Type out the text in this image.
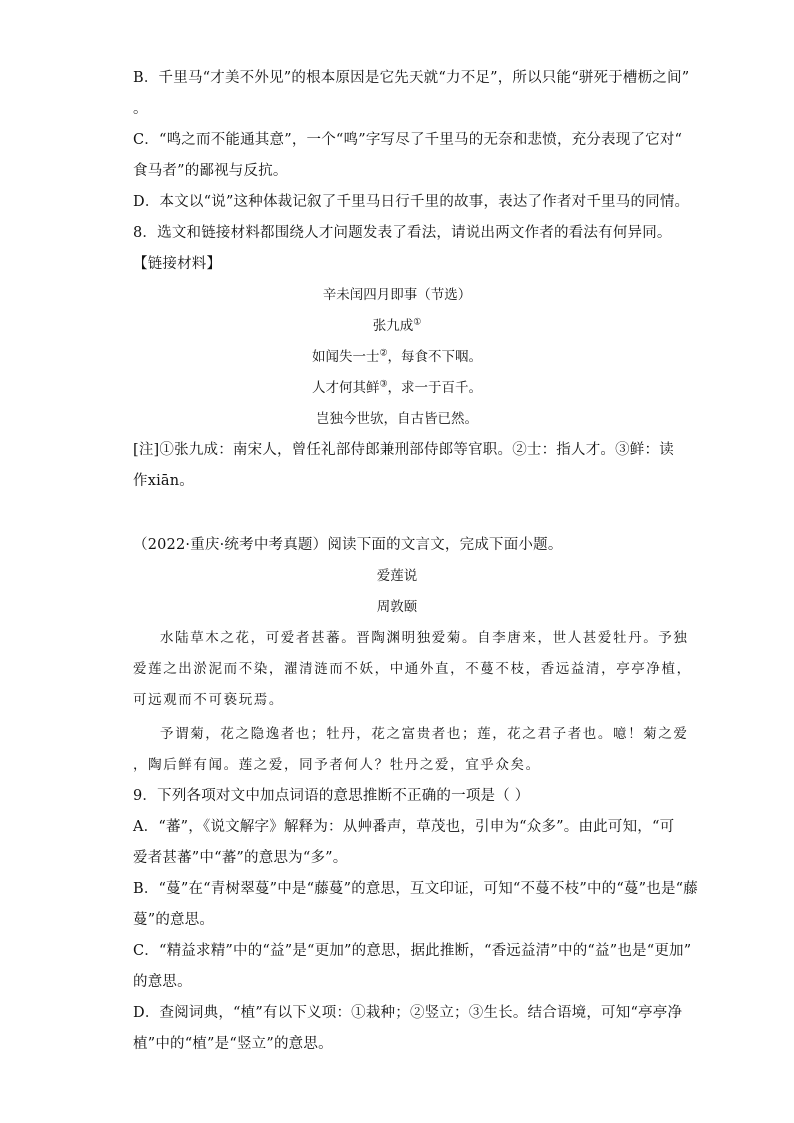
B．千里马“才美不外见”的根本原因是它先天就“力不足”，所以只能“骈死于槽枥之间”
。
C．“鸣之而不能通其意”，一个“鸣”字写尽了千里马的无奈和悲愤，充分表现了它对“
食马者”的鄙视与反抗。
D．本文以“说”这种体裁记叙了千里马日行千里的故事，表达了作者对千里马的同情。
8．选文和链接材料都围绕人才问题发表了看法，请说出两文作者的看法有何异同。
【链接材料】
辛未闰四月即事（节选）
张九成①
如闻失一士②，每食不下咽。
人才何其鲜③，求一于百千。
岂独今世欤，自古皆已然。
[注]①张九成：南宋人，曾任礼部侍郎兼刑部侍郎等官职。②士：指人才。③鲜：读
作xiān。
（2022·重庆·统考中考真题）阅读下面的文言文，完成下面小题。
爱莲说
周敦颐
水陆草木之花，可爱者甚蕃。晋陶渊明独爱菊。自李唐来，世人甚爱牡丹。予独
爱莲之出淤泥而不染，濯清涟而不妖，中通外直，不蔓不枝，香远益清，亭亭净植，
可远观而不可亵玩焉。
予谓菊，花之隐逸者也；牡丹，花之富贵者也；莲，花之君子者也。噫！菊之爱
，陶后鲜有闻。莲之爱，同予者何人？牡丹之爱，宜乎众矣。
9．下列各项对文中加点词语的意思推断不正确的一项是（ ）
A．“蕃”，《说文解字》解释为：从艸番声，草茂也，引申为“众多”。由此可知，“可
爱者甚蕃”中“蕃”的意思为“多”。
B．“蔓”在“青树翠蔓”中是“藤蔓”的意思，互文印证，可知“不蔓不枝”中的“蔓”也是“藤
蔓”的意思。
C．“精益求精”中的“益”是“更加”的意思，据此推断，“香远益清”中的“益”也是“更加”
的意思。
D．查阅词典，“植”有以下义项：①栽种；②竖立；③生长。结合语境，可知“亭亭净
植”中的“植”是“竖立”的意思。
